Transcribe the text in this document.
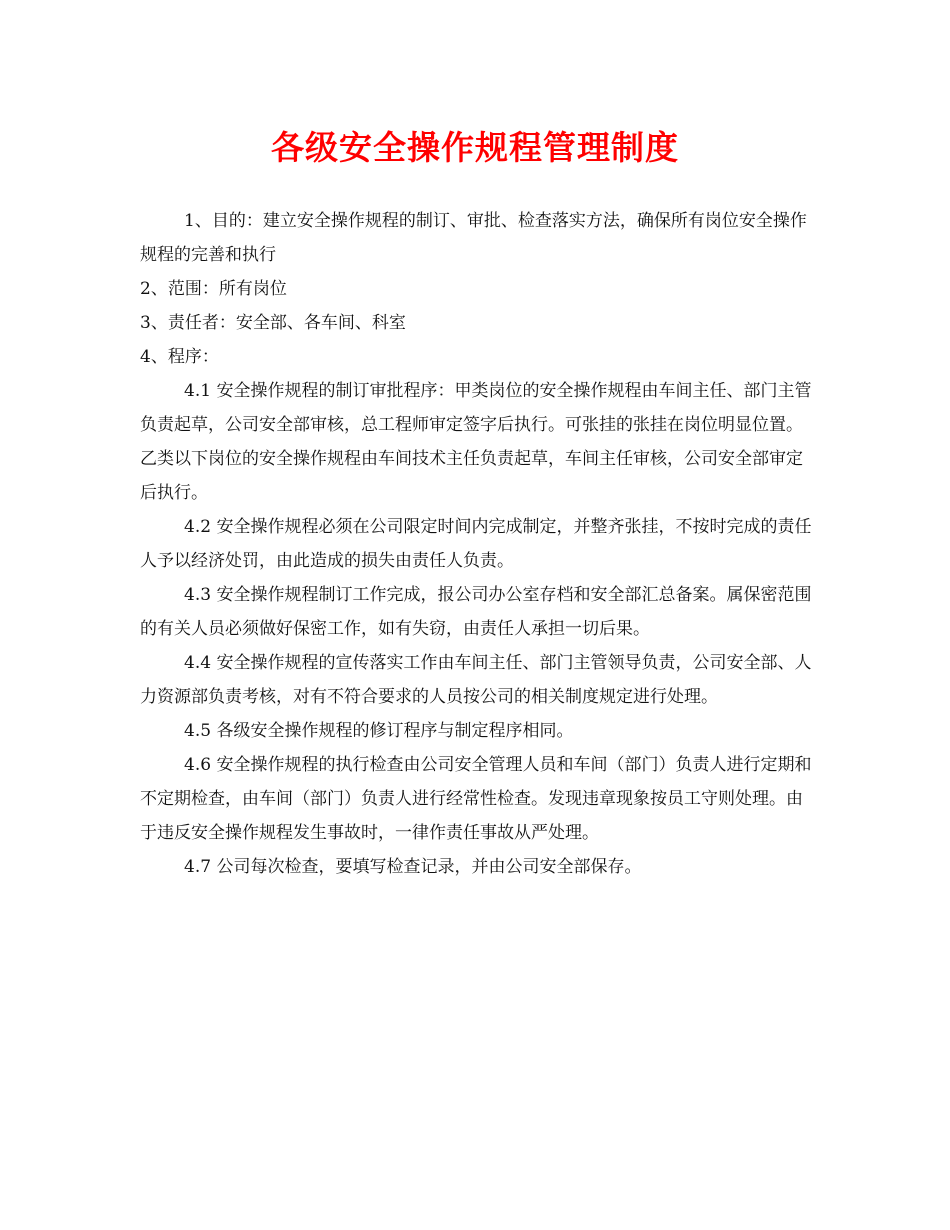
各级安全操作规程管理制度

1、目的：建立安全操作规程的制订、审批、检查落实方法，确保所有岗位安全操作规程的完善和执行

2、范围：所有岗位

3、责任者：安全部、各车间、科室

4、程序：

4.1 安全操作规程的制订审批程序：甲类岗位的安全操作规程由车间主任、部门主管负责起草，公司安全部审核，总工程师审定签字后执行。可张挂的张挂在岗位明显位置。乙类以下岗位的安全操作规程由车间技术主任负责起草，车间主任审核，公司安全部审定后执行。

4.2 安全操作规程必须在公司限定时间内完成制定，并整齐张挂，不按时完成的责任人予以经济处罚，由此造成的损失由责任人负责。

4.3 安全操作规程制订工作完成，报公司办公室存档和安全部汇总备案。属保密范围的有关人员必须做好保密工作，如有失窃，由责任人承担一切后果。

4.4 安全操作规程的宣传落实工作由车间主任、部门主管领导负责，公司安全部、人力资源部负责考核，对有不符合要求的人员按公司的相关制度规定进行处理。

4.5 各级安全操作规程的修订程序与制定程序相同。

4.6 安全操作规程的执行检查由公司安全管理人员和车间（部门）负责人进行定期和不定期检查，由车间（部门）负责人进行经常性检查。发现违章现象按员工守则处理。由于违反安全操作规程发生事故时，一律作责任事故从严处理。

4.7 公司每次检查，要填写检查记录，并由公司安全部保存。
